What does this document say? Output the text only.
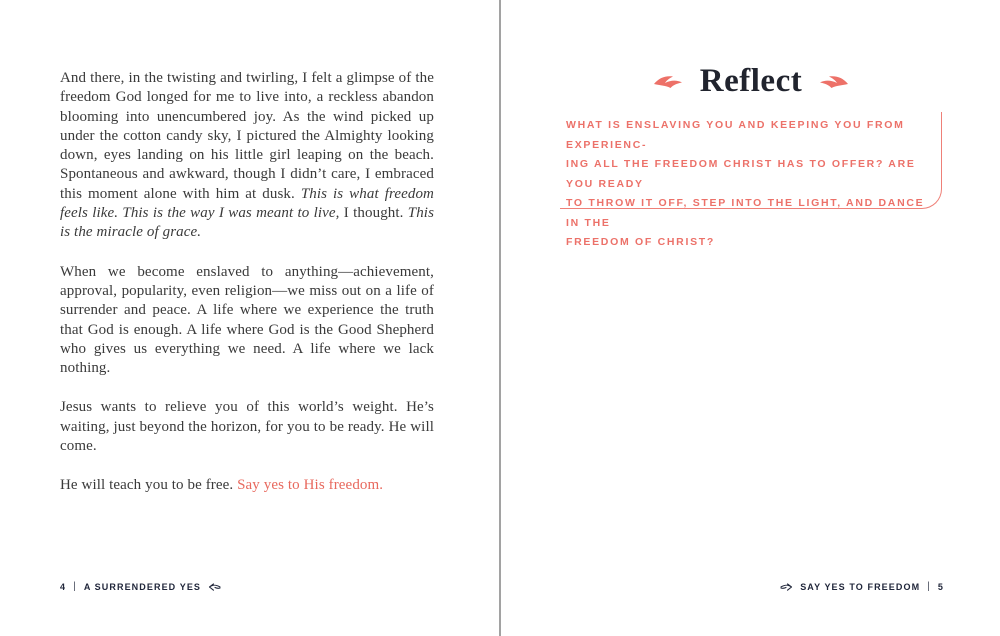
And there, in the twisting and twirling, I felt a glimpse of the freedom God longed for me to live into, a reckless abandon blooming into unencumbered joy. As the wind picked up under the cotton candy sky, I pictured the Almighty looking down, eyes landing on his little girl leaping on the beach. Spontaneous and awkward, though I didn’t care, I embraced this moment alone with him at dusk. This is what freedom feels like. This is the way I was meant to live, I thought. This is the miracle of grace.

When we become enslaved to anything—achievement, approval, popularity, even religion—we miss out on a life of surrender and peace. A life where we experience the truth that God is enough. A life where God is the Good Shepherd who gives us everything we need. A life where we lack nothing.

Jesus wants to relieve you of this world’s weight. He’s waiting, just beyond the horizon, for you to be ready. He will come.

He will teach you to be free. Say yes to His freedom.

4 | A SURRENDERED YES
Reflect
WHAT IS ENSLAVING YOU AND KEEPING YOU FROM EXPERIENC-
ING ALL THE FREEDOM CHRIST HAS TO OFFER? ARE YOU READY
TO THROW IT OFF, STEP INTO THE LIGHT, AND DANCE IN THE
FREEDOM OF CHRIST?
SAY YES TO FREEDOM | 5
